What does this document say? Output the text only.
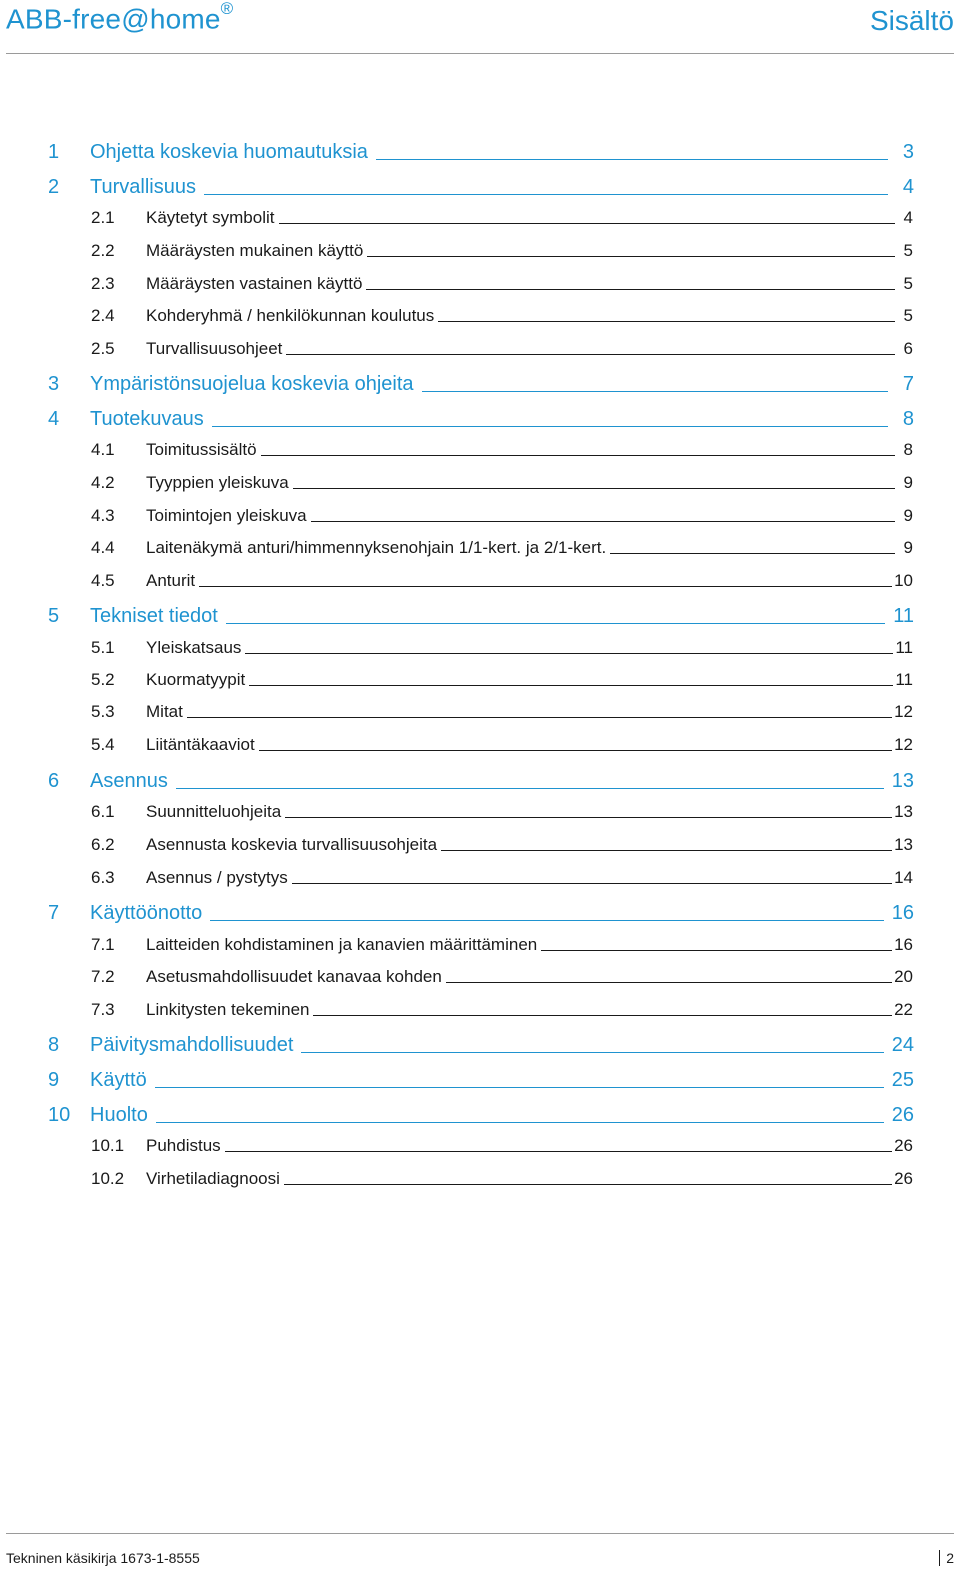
ABB-free@home®	Sisältö
1	Ohjetta koskevia huomautuksia	3
2	Turvallisuus	4
2.1	Käytetyt symbolit	4
2.2	Määräysten mukainen käyttö	5
2.3	Määräysten vastainen käyttö	5
2.4	Kohderyhmä / henkilökunnan koulutus	5
2.5	Turvallisuusohjeet	6
3	Ympäristönsuojelua koskevia ohjeita	7
4	Tuotekuvaus	8
4.1	Toimitussisältö	8
4.2	Tyyppien yleiskuva	9
4.3	Toimintojen yleiskuva	9
4.4	Laitenäkymä anturi/himmennyksenohjain 1/1-kert. ja 2/1-kert.	9
4.5	Anturit	10
5	Tekniset tiedot	11
5.1	Yleiskatsaus	11
5.2	Kuormatyypit	11
5.3	Mitat	12
5.4	Liitäntäkaaviot	12
6	Asennus	13
6.1	Suunnitteluohjeita	13
6.2	Asennusta koskevia turvallisuusohjeita	13
6.3	Asennus / pystytys	14
7	Käyttöönotto	16
7.1	Laitteiden kohdistaminen ja kanavien määrittäminen	16
7.2	Asetusmahdollisuudet kanavaa kohden	20
7.3	Linkitysten tekeminen	22
8	Päivitysmahdollisuudet	24
9	Käyttö	25
10 Huolto	26
10.1	Puhdistus	26
10.2	Virhetiladiagnoosi	26
Tekninen käsikirja 1673-1-8555	2
